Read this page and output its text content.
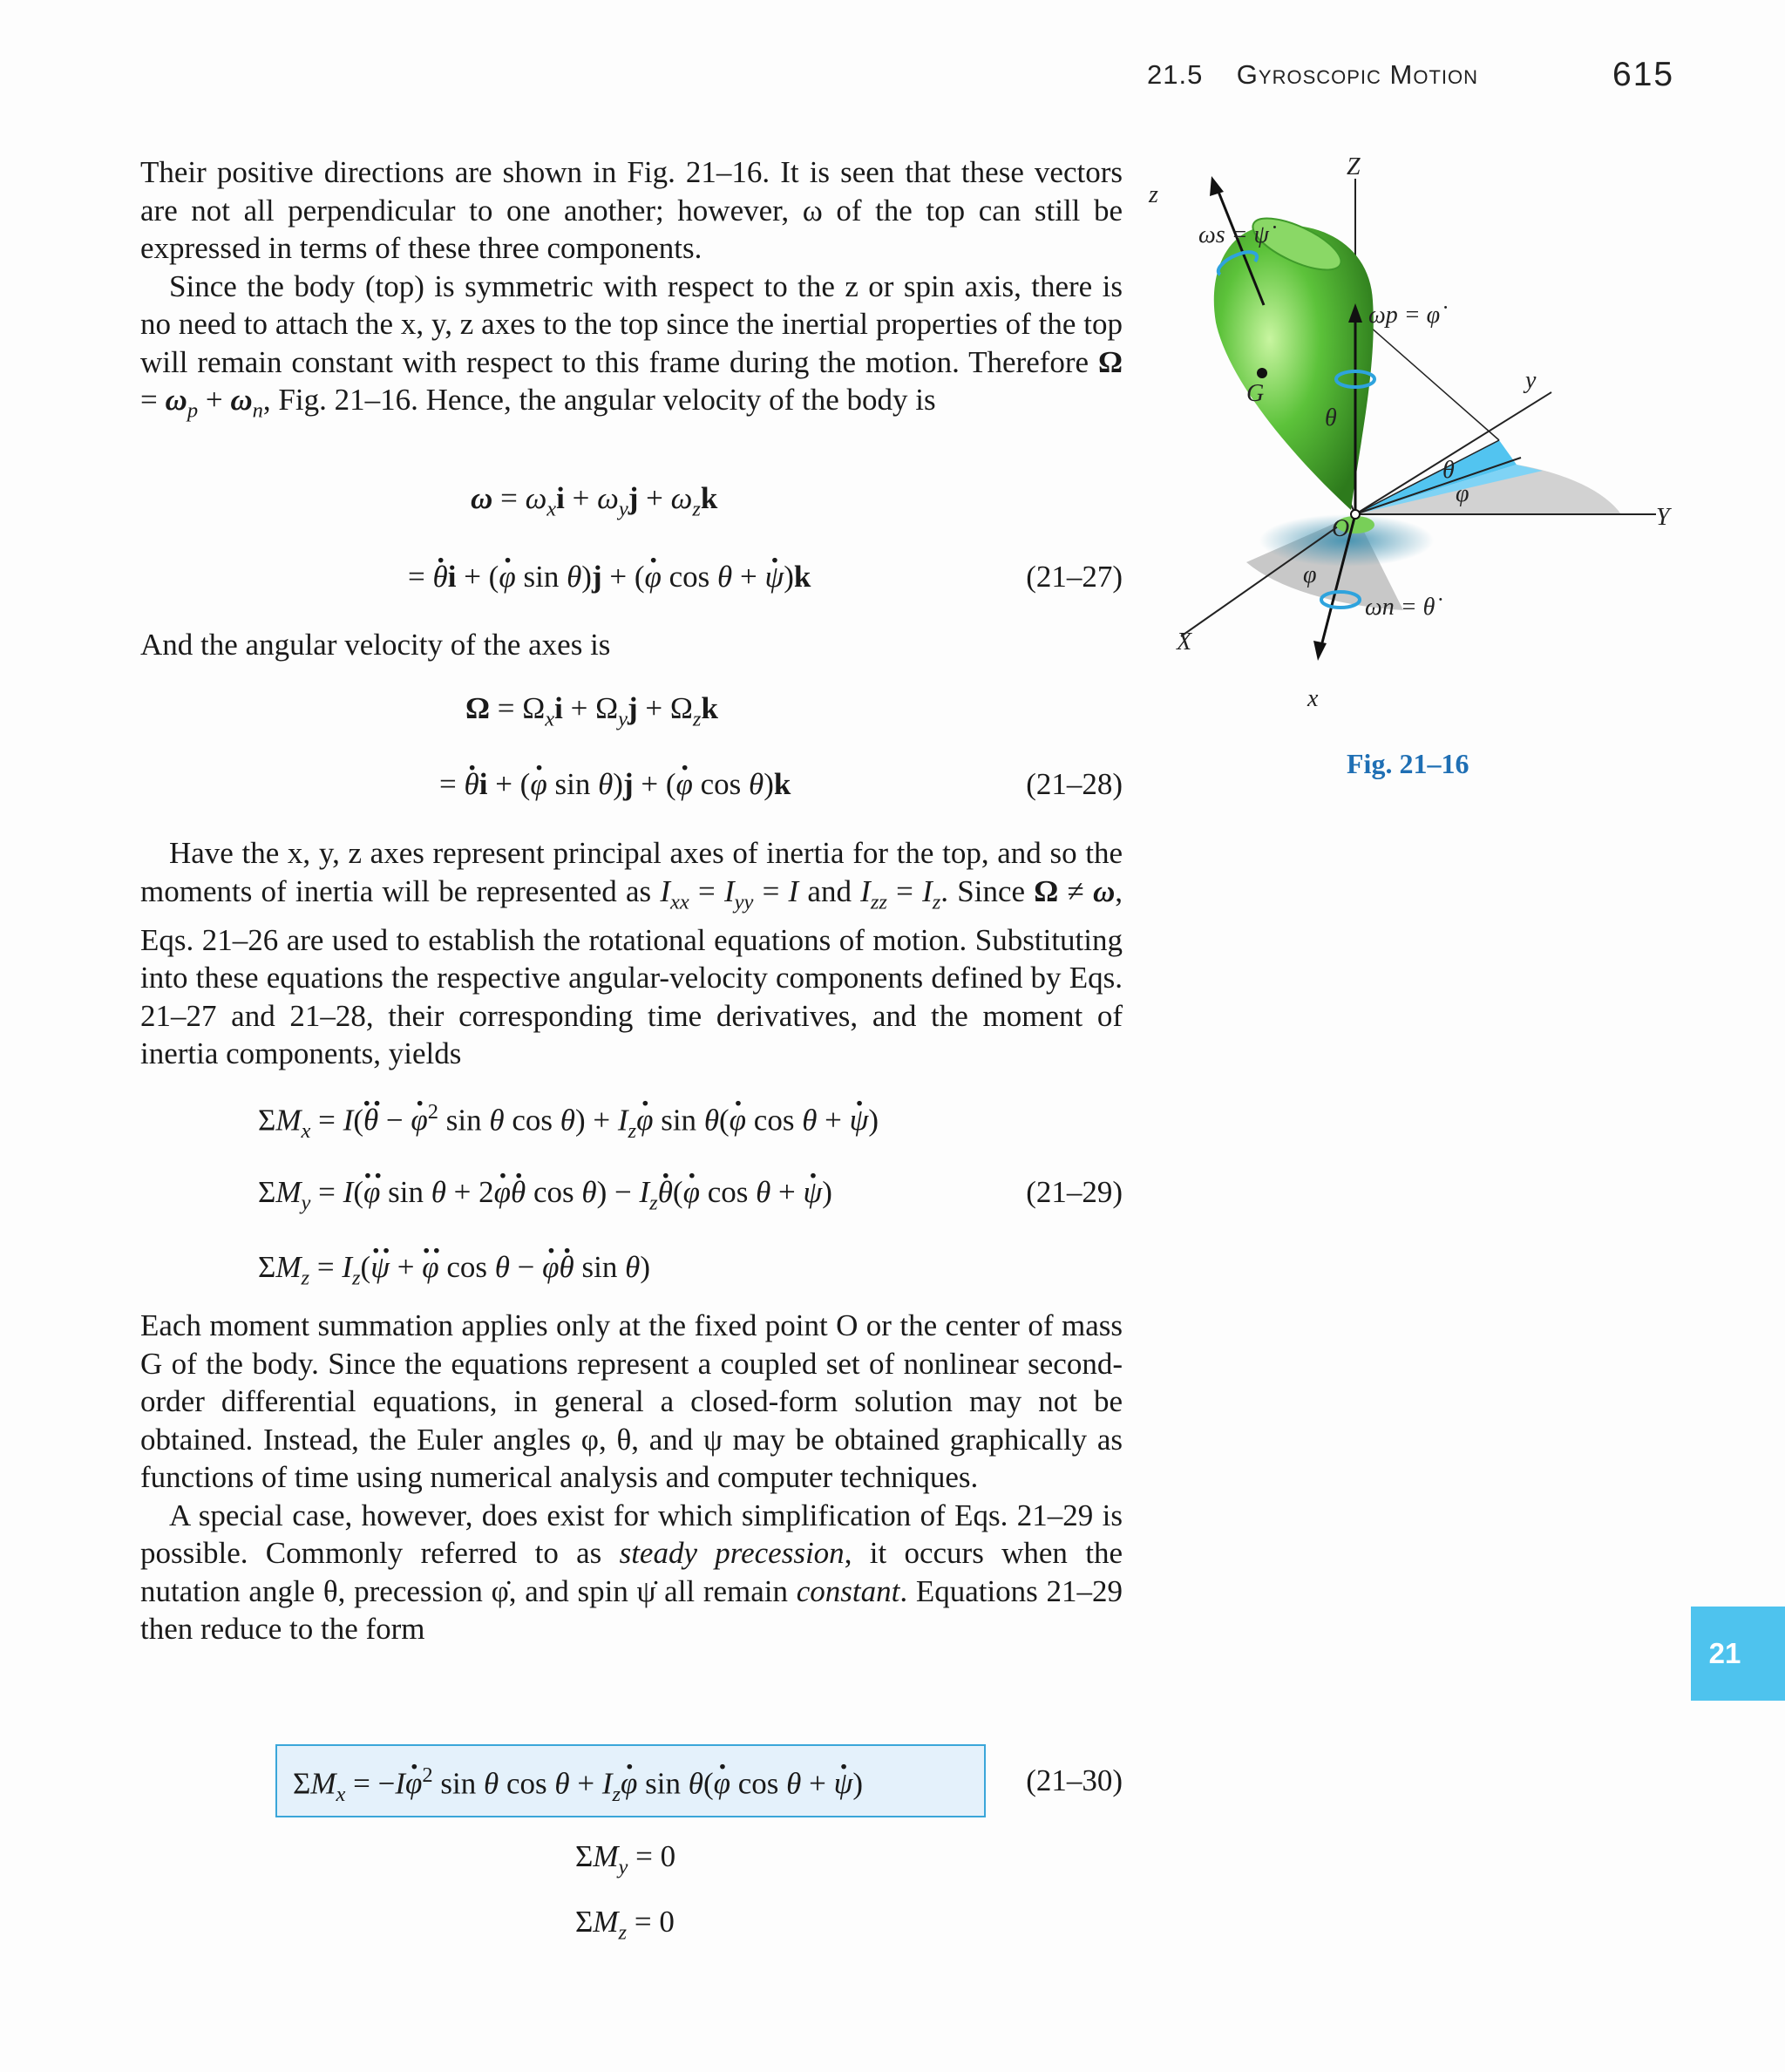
21.5 Gyroscopic Motion	615

Their positive directions are shown in Fig. 21–16. It is seen that these vectors are not all perpendicular to one another; however, ω of the top can still be expressed in terms of these three components.

Since the body (top) is symmetric with respect to the z or spin axis, there is no need to attach the x, y, z axes to the top since the inertial properties of the top will remain constant with respect to this frame during the motion. Therefore $\Omega = \omega_p + \omega_n$, Fig. 21–16. Hence, the angular velocity of the body is

$\omega = \omega_xi + \omega_yj + \omega_zk$
= θ ·i + (φ · sin θ)j + (φ · cos θ + ψ ·)k	(21–27)
And the angular velocity of the axes is
$\Omega = \Omega_xi + \Omega_yj + \Omega_zk$
= θ ·i + (φ · sin θ)j + (φ · cos θ)k	(21–28)

Have the x, y, z axes represent principal axes of inertia for the top, and so the moments of inertia will be represented as $I_{xx} = I_{yy} = I$ and $I_{zz} = I_z$. Since Ω ≠ ω, Eqs. 21–26 are used to establish the rotational equations of motion. Substituting into these equations the respective angular-velocity components defined by Eqs. 21–27 and 21–28, their corresponding time derivatives, and the moment of inertia components, yields

$\Sigma M_x = I(\theta$ ·· − φ ·$^2$ sin θ $\cos \theta) + I_z\varphi \cdot \sin \theta(\varphi \cdot \cos \theta + \psi$ ·)
$\Sigma M_y = I(\varphi \cdot\cdot \sin \theta + 2\varphi \cdot\theta \cdot \cos \theta) - I_z\theta \cdot(\varphi \cdot \cos \theta + \psi$ ·)	(21–29)
$\Sigma M_z = I_z(\psi$ ·· + φ ·· cos θ − φ ·θ · sin θ)

Each moment summation applies only at the fixed point O or the center of mass G of the body. Since the equations represent a coupled set of nonlinear second-order differential equations, in general a closed-form solution may not be obtained. Instead, the Euler angles φ, θ, and ψ may be obtained graphically as functions of time using numerical analysis and computer techniques.

A special case, however, does exist for which simplification of Eqs. 21–29 is possible. Commonly referred to as steady precession, it occurs when the nutation angle θ, precession φ̇, and spin ψ̇ all remain constant. Equations 21–29 then reduce to the form

$\Sigma M_x = -I\varphi \cdot^2$ sin θ $\cos \theta + I_z\varphi \cdot \sin \theta(\varphi \cdot \cos \theta + \psi$ ·)	(21–30)
$\Sigma M_y = 0$
$\Sigma M_z = 0$
Z
z
Y
y
X
x
O
G
θ
θ
φ
φ
ωs = ψ̇
ωp = φ̇
ωn = θ̇
Fig. 21–16
21
